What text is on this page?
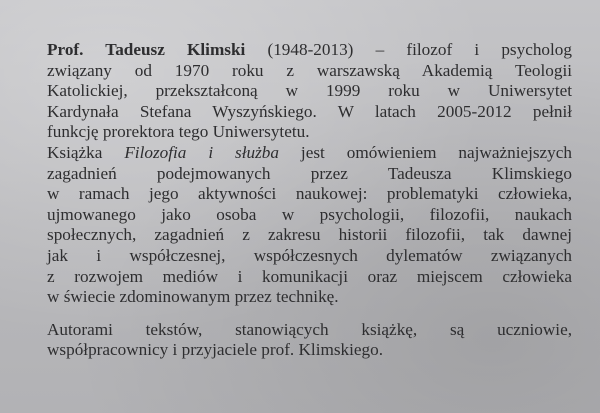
Prof. Tadeusz Klimski (1948-2013) – filozof i psycholog
związany od 1970 roku z warszawską Akademią Teologii
Katolickiej, przekształconą w 1999 roku w Uniwersytet
Kardynała Stefana Wyszyńskiego. W latach 2005-2012 pełnił
funkcję prorektora tego Uniwersytetu.
Książka Filozofia i służba jest omówieniem najważniejszych
zagadnień podejmowanych przez Tadeusza Klimskiego
w ramach jego aktywności naukowej: problematyki człowieka,
ujmowanego jako osoba w psychologii, filozofii, naukach
społecznych, zagadnień z zakresu historii filozofii, tak dawnej
jak i współczesnej, współczesnych dylematów związanych
z rozwojem mediów i komunikacji oraz miejscem człowieka
w świecie zdominowanym przez technikę.
Autorami tekstów, stanowiących książkę, są uczniowie,
współpracownicy i przyjaciele prof. Klimskiego.
